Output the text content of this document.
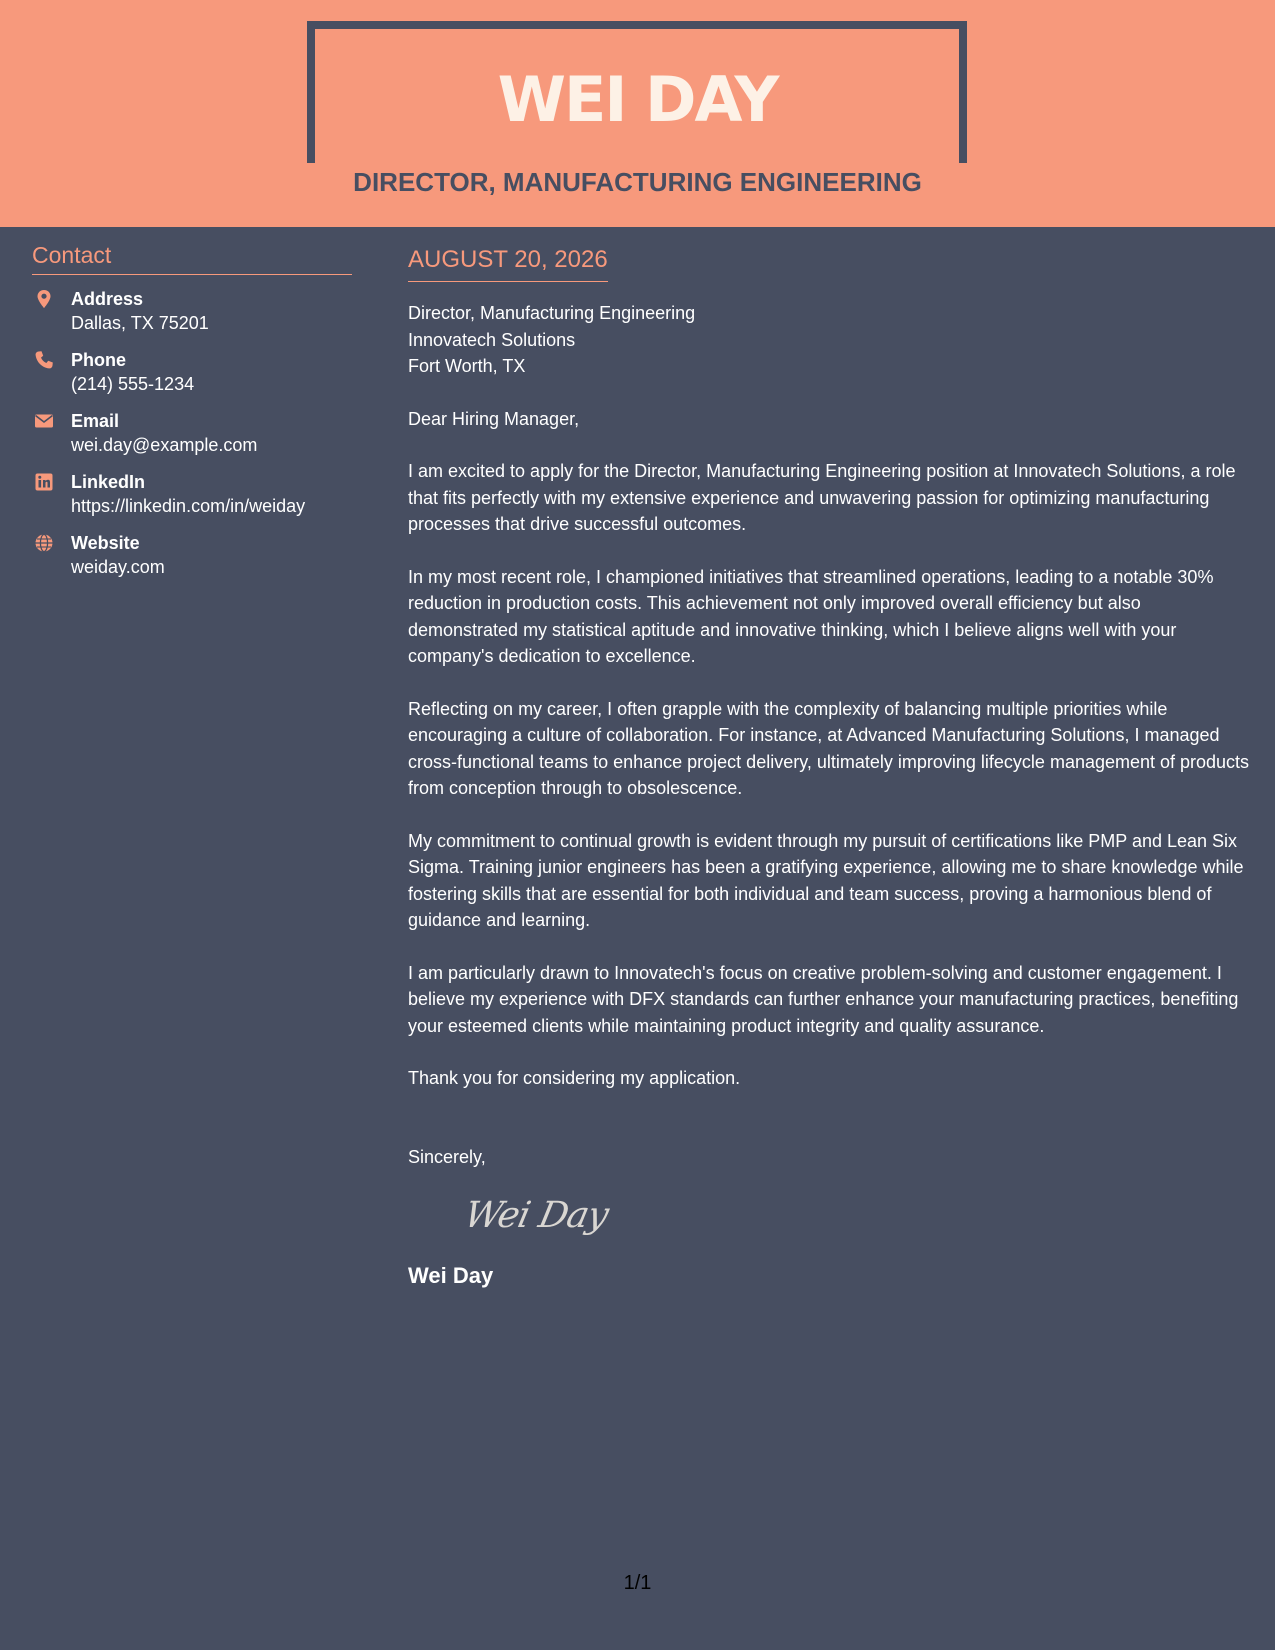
WEI DAY
DIRECTOR, MANUFACTURING ENGINEERING
Contact
Address
Dallas, TX 75201
Phone
(214) 555-1234
Email
wei.day@example.com
LinkedIn
https://linkedin.com/in/weiday
Website
weiday.com
AUGUST 20, 2026
Director, Manufacturing Engineering
Innovatech Solutions
Fort Worth, TX

Dear Hiring Manager,

I am excited to apply for the Director, Manufacturing Engineering position at Innovatech Solutions, a role that fits perfectly with my extensive experience and unwavering passion for optimizing manufacturing processes that drive successful outcomes.

In my most recent role, I championed initiatives that streamlined operations, leading to a notable 30% reduction in production costs. This achievement not only improved overall efficiency but also demonstrated my statistical aptitude and innovative thinking, which I believe aligns well with your company's dedication to excellence.

Reflecting on my career, I often grapple with the complexity of balancing multiple priorities while encouraging a culture of collaboration. For instance, at Advanced Manufacturing Solutions, I managed cross-functional teams to enhance project delivery, ultimately improving lifecycle management of products from conception through to obsolescence.

My commitment to continual growth is evident through my pursuit of certifications like PMP and Lean Six Sigma. Training junior engineers has been a gratifying experience, allowing me to share knowledge while fostering skills that are essential for both individual and team success, proving a harmonious blend of guidance and learning.

I am particularly drawn to Innovatech's focus on creative problem-solving and customer engagement. I believe my experience with DFX standards can further enhance your manufacturing practices, benefiting your esteemed clients while maintaining product integrity and quality assurance.

Thank you for considering my application.

Sincerely,
Wei Day
Wei Day
1/1
